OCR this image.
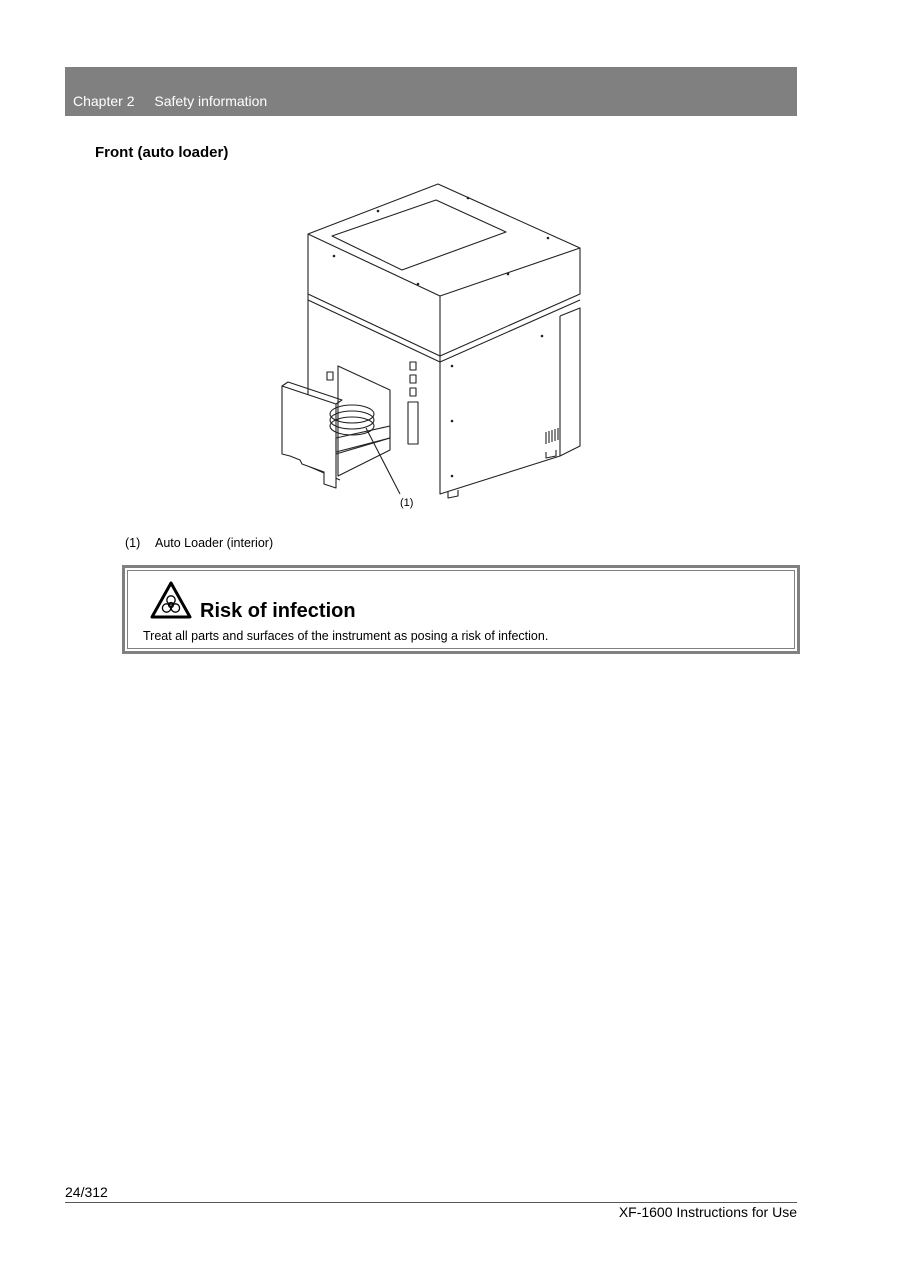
Chapter 2 Safety information
Front (auto loader)
(1)
(1) Auto Loader (interior)
Risk of infection
Treat all parts and surfaces of the instrument as posing a risk of infection.
24/312
XF-1600 Instructions for Use
